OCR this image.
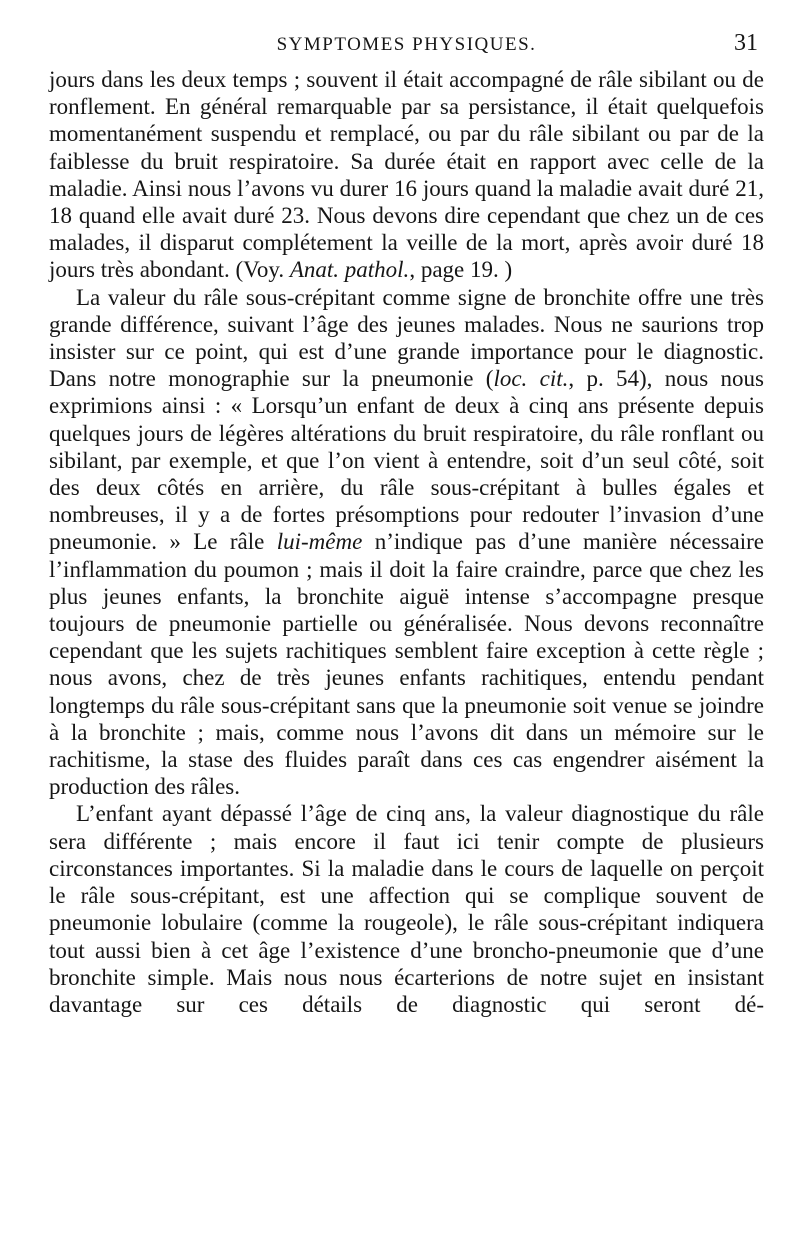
SYMPTOMES PHYSIQUES.	31

jours dans les deux temps ; souvent il était accompagné de râle sibilant ou de ronflement. En général remarquable par sa persistance, il était quelquefois momentanément suspendu et remplacé, ou par du râle sibilant ou par de la faiblesse du bruit respiratoire. Sa durée était en rapport avec celle de la maladie. Ainsi nous l’avons vu durer 16 jours quand la maladie avait duré 21, 18 quand elle avait duré 23. Nous devons dire cependant que chez un de ces malades, il disparut complétement la veille de la mort, après avoir duré 18 jours très abondant. (Voy. Anat. pathol., page 19. )

La valeur du râle sous-crépitant comme signe de bronchite offre une très grande différence, suivant l’âge des jeunes malades. Nous ne saurions trop insister sur ce point, qui est d’une grande importance pour le diagnostic. Dans notre monographie sur la pneumonie (loc. cit., p. 54), nous nous exprimions ainsi : « Lorsqu’un enfant de deux à cinq ans présente depuis quelques jours de légères altérations du bruit respiratoire, du râle ronflant ou sibilant, par exemple, et que l’on vient à entendre, soit d’un seul côté, soit des deux côtés en arrière, du râle sous-crépitant à bulles égales et nombreuses, il y a de fortes présomptions pour redouter l’invasion d’une pneumonie. » Le râle lui-même n’indique pas d’une manière nécessaire l’inflammation du poumon ; mais il doit la faire craindre, parce que chez les plus jeunes enfants, la bronchite aiguë intense s’accompagne presque toujours de pneumonie partielle ou généralisée. Nous devons reconnaître cependant que les sujets rachitiques semblent faire exception à cette règle ; nous avons, chez de très jeunes enfants rachitiques, entendu pendant longtemps du râle sous-crépitant sans que la pneumonie soit venue se joindre à la bronchite ; mais, comme nous l’avons dit dans un mémoire sur le rachitisme, la stase des fluides paraît dans ces cas engendrer aisément la production des râles.

L’enfant ayant dépassé l’âge de cinq ans, la valeur diagnostique du râle sera différente ; mais encore il faut ici tenir compte de plusieurs circonstances importantes. Si la maladie dans le cours de laquelle on perçoit le râle sous-crépitant, est une affection qui se complique souvent de pneumonie lobulaire (comme la rougeole), le râle sous-crépitant indiquera tout aussi bien à cet âge l’existence d’une broncho-pneumonie que d’une bronchite simple. Mais nous nous écarterions de notre sujet en insistant davantage sur ces détails de diagnostic qui seront dé-
